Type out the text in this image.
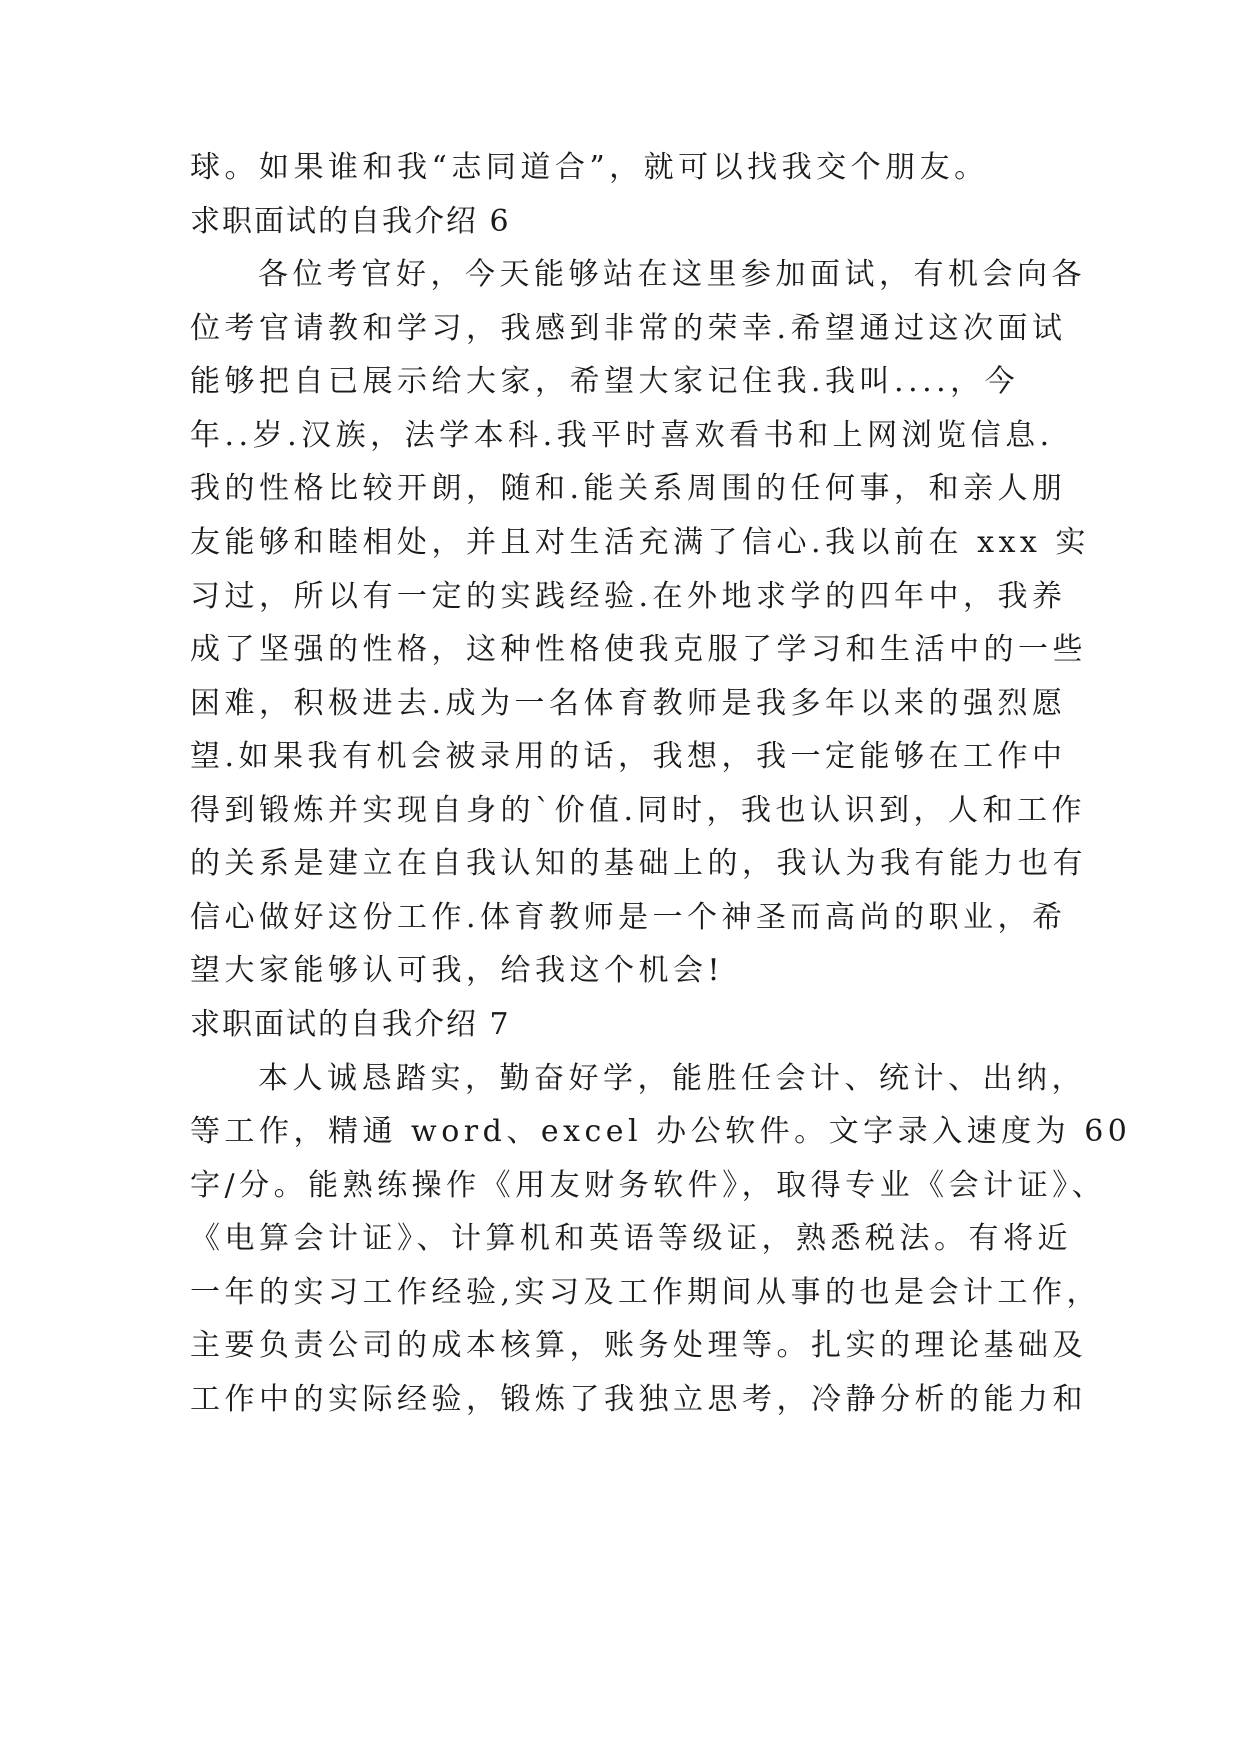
球。如果谁和我“志同道合”，就可以找我交个朋友。
求职面试的自我介绍 6
各位考官好，今天能够站在这里参加面试，有机会向各
位考官请教和学习，我感到非常的荣幸.希望通过这次面试
能够把自已展示给大家，希望大家记住我.我叫....，今
年..岁.汉族，法学本科.我平时喜欢看书和上网浏览信息.
我的性格比较开朗，随和.能关系周围的任何事，和亲人朋
友能够和睦相处，并且对生活充满了信心.我以前在 xxx 实
习过，所以有一定的实践经验.在外地求学的四年中，我养
成了坚强的性格，这种性格使我克服了学习和生活中的一些
困难，积极进去.成为一名体育教师是我多年以来的强烈愿
望.如果我有机会被录用的话，我想，我一定能够在工作中
得到锻炼并实现自身的`价值.同时，我也认识到，人和工作
的关系是建立在自我认知的基础上的，我认为我有能力也有
信心做好这份工作.体育教师是一个神圣而高尚的职业，希
望大家能够认可我，给我这个机会!
求职面试的自我介绍 7
本人诚恳踏实，勤奋好学，能胜任会计、统计、出纳，
等工作，精通 word、excel 办公软件。文字录入速度为 60
字/分。能熟练操作《用友财务软件》，取得专业《会计证》、
《电算会计证》、计算机和英语等级证，熟悉税法。有将近
一年的实习工作经验,实习及工作期间从事的也是会计工作，
主要负责公司的成本核算，账务处理等。扎实的理论基础及
工作中的实际经验，锻炼了我独立思考，冷静分析的能力和
